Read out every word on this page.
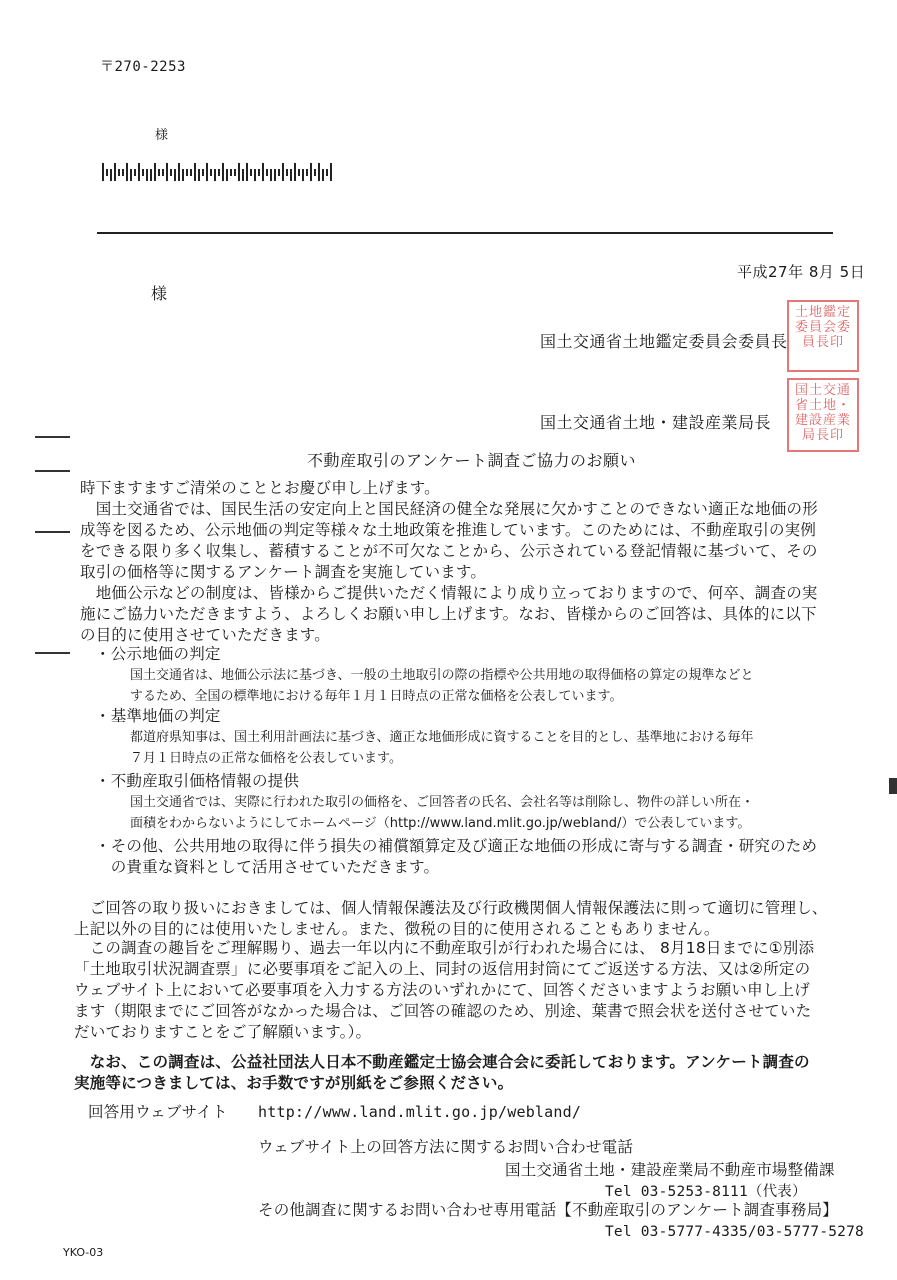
〒270-2253
様
平成27年 8月 5日
様
国土交通省土地鑑定委員会委員長
土地鑑定委員会委員長印
国土交通省土地・建設産業局長
国土交通省土地・建設産業局長印
不動産取引のアンケート調査ご協力のお願い
時下ますますご清栄のこととお慶び申し上げます。
　国土交通省では、国民生活の安定向上と国民経済の健全な発展に欠かすことのできない適正な地価の形
成等を図るため、公示地価の判定等様々な土地政策を推進しています。このためには、不動産取引の実例
をできる限り多く収集し、蓄積することが不可欠なことから、公示されている登記情報に基づいて、その
取引の価格等に関するアンケート調査を実施しています。
　地価公示などの制度は、皆様からご提供いただく情報により成り立っておりますので、何卒、調査の実
施にご協力いただきますよう、よろしくお願い申し上げます。なお、皆様からのご回答は、具体的に以下
の目的に使用させていただきます。
・公示地価の判定
国土交通省は、地価公示法に基づき、一般の土地取引の際の指標や公共用地の取得価格の算定の規準などと
するため、全国の標準地における毎年１月１日時点の正常な価格を公表しています。
・基準地価の判定
都道府県知事は、国土利用計画法に基づき、適正な地価形成に資することを目的とし、基準地における毎年
７月１日時点の正常な価格を公表しています。
・不動産取引価格情報の提供
国土交通省では、実際に行われた取引の価格を、ご回答者の氏名、会社名等は削除し、物件の詳しい所在・
面積をわからないようにしてホームページ（http://www.land.mlit.go.jp/webland/）で公表しています。
・その他、公共用地の取得に伴う損失の補償額算定及び適正な地価の形成に寄与する調査・研究のため
　の貴重な資料として活用させていただきます。
　ご回答の取り扱いにおきましては、個人情報保護法及び行政機関個人情報保護法に則って適切に管理し、
上記以外の目的には使用いたしません。また、徴税の目的に使用されることもありません。
　この調査の趣旨をご理解賜り、過去一年以内に不動産取引が行われた場合には、 8月18日までに①別添
「土地取引状況調査票」に必要事項をご記入の上、同封の返信用封筒にてご返送する方法、又は②所定の
ウェブサイト上において必要事項を入力する方法のいずれかにて、回答くださいますようお願い申し上げ
ます（期限までにご回答がなかった場合は、ご回答の確認のため、別途、葉書で照会状を送付させていた
だいておりますことをご了解願います。）。
　なお、この調査は、公益社団法人日本不動産鑑定士協会連合会に委託しております。アンケート調査の
実施等につきましては、お手数ですが別紙をご参照ください。
回答用ウェブサイト http://www.land.mlit.go.jp/webland/
ウェブサイト上の回答方法に関するお問い合わせ電話
国土交通省土地・建設産業局不動産市場整備課
Tel 03-5253-8111（代表）
その他調査に関するお問い合わせ専用電話【不動産取引のアンケート調査事務局】
Tel 03-5777-4335/03-5777-5278
YKO-03
